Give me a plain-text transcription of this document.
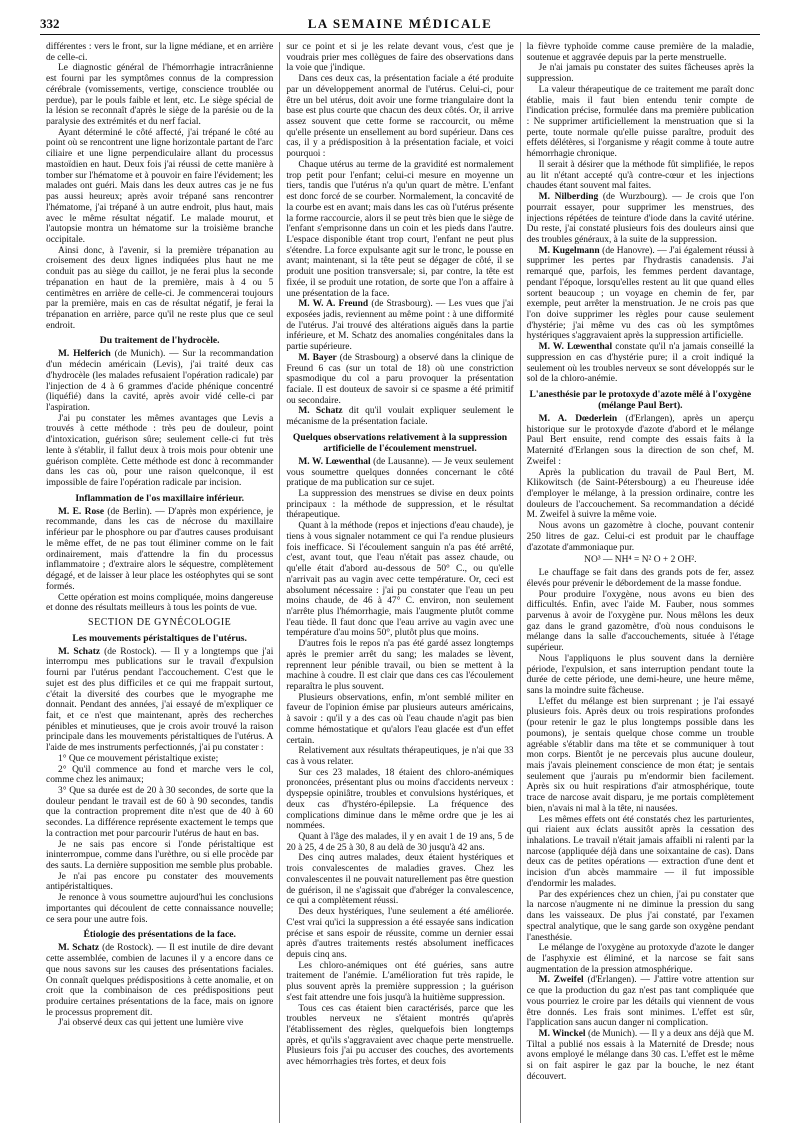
332	LA SEMAINE MÉDICALE

différentes : vers le front, sur la ligne médiane, et en arrière de celle-ci.

Le diagnostic général de l'hémorrhagie intracrânienne est fourni par les symptômes connus de la compression cérébrale (vomissements, vertige, conscience troublée ou perdue), par le pouls faible et lent, etc. Le siège spécial de la lésion se reconnaît d'après le siège de la parésie ou de la paralysie des extrémités et du nerf facial.

Ayant déterminé le côté affecté, j'ai trépané le côté au point où se rencontrent une ligne horizontale partant de l'arc ciliaire et une ligne perpendiculaire allant du processus mastoïdien en haut. Deux fois j'ai réussi de cette manière à tomber sur l'hématome et à pouvoir en faire l'évidement; les malades ont guéri. Mais dans les deux autres cas je ne fus pas aussi heureux; après avoir trépané sans rencontrer l'hématome, j'ai trépané à un autre endroit, plus haut, mais avec le même résultat négatif. Le malade mourut, et l'autopsie montra un hématome sur la troisième branche occipitale.

Ainsi donc, à l'avenir, si la première trépanation au croisement des deux lignes indiquées plus haut ne me conduit pas au siège du caillot, je ne ferai plus la seconde trépanation en haut de la première, mais à 4 ou 5 centimètres en arrière de celle-ci. Je commencerai toujours par la première, mais en cas de résultat négatif, je ferai la trépanation en arrière, parce qu'il ne reste plus que ce seul endroit.

Du traitement de l'hydrocèle.

M. Helferich (de Munich). — Sur la recommandation d'un médecin américain (Levis), j'ai traité deux cas d'hydrocèle (les malades refusaient l'opération radicale) par l'injection de 4 à 6 grammes d'acide phénique concentré (liquéfié) dans la cavité, après avoir vidé celle-ci par l'aspiration.

J'ai pu constater les mêmes avantages que Levis a trouvés à cette méthode : très peu de douleur, point d'intoxication, guérison sûre; seulement celle-ci fut très lente à s'établir, il fallut deux à trois mois pour obtenir une guérison complète. Cette méthode est donc à recommander dans les cas où, pour une raison quelconque, il est impossible de faire l'opération radicale par incision.

Inflammation de l'os maxillaire inférieur.

M. E. Rose (de Berlin). — D'après mon expérience, je recommande, dans les cas de nécrose du maxillaire inférieur par le phosphore ou par d'autres causes produisant le même effet, de ne pas tout éliminer comme on le fait ordinairement, mais d'attendre la fin du processus inflammatoire ; d'extraire alors le séquestre, complètement dégagé, et de laisser à leur place les ostéophytes qui se sont formés.

Cette opération est moins compliquée, moins dangereuse et donne des résultats meilleurs à tous les points de vue.

SECTION DE GYNÉCOLOGIE
Les mouvements péristaltiques de l'utérus.

M. Schatz (de Rostock). — Il y a longtemps que j'ai interrompu mes publications sur le travail d'expulsion fourni par l'utérus pendant l'accouchement. C'est que le sujet est des plus difficiles et ce qui me frappait surtout, c'était la diversité des courbes que le myographe me donnait. Pendant des années, j'ai essayé de m'expliquer ce fait, et ce n'est que maintenant, après des recherches pénibles et minutieuses, que je crois avoir trouvé la raison principale dans les mouvements péristaltiques de l'utérus. A l'aide de mes instruments perfectionnés, j'ai pu constater :

1° Que ce mouvement péristaltique existe;

2° Qu'il commence au fond et marche vers le col, comme chez les animaux;

3° Que sa durée est de 20 à 30 secondes, de sorte que la douleur pendant le travail est de 60 à 90 secondes, tandis que la contraction proprement dite n'est que de 40 à 60 secondes. La différence représente exactement le temps que la contraction met pour parcourir l'utérus de haut en bas.

Je ne sais pas encore si l'onde péristaltique est ininterrompue, comme dans l'urèthre, ou si elle procède par des sauts. La dernière supposition me semble plus probable.

Je n'ai pas encore pu constater des mouvements antipéristaltiques.

Je renonce à vous soumettre aujourd'hui les conclusions importantes qui découlent de cette connaissance nouvelle; ce sera pour une autre fois.

Étiologie des présentations de la face.

M. Schatz (de Rostock). — Il est inutile de dire devant cette assemblée, combien de lacunes il y a encore dans ce que nous savons sur les causes des présentations faciales. On connaît quelques prédispositions à cette anomalie, et on croit que la combinaison de ces prédispositions peut produire certaines présentations de la face, mais on ignore le processus proprement dit.

J'ai observé deux cas qui jettent une lumière vive

sur ce point et si je les relate devant vous, c'est que je voudrais prier mes collègues de faire des observations dans la voie que j'indique.

Dans ces deux cas, la présentation faciale a été produite par un développement anormal de l'utérus. Celui-ci, pour être un bel utérus, doit avoir une forme triangulaire dont la base est plus courte que chacun des deux côtés. Or, il arrive assez souvent que cette forme se raccourcit, ou même qu'elle présente un ensellement au bord supérieur. Dans ces cas, il y a prédisposition à la présentation faciale, et voici pourquoi :

Chaque utérus au terme de la gravidité est normalement trop petit pour l'enfant; celui-ci mesure en moyenne un tiers, tandis que l'utérus n'a qu'un quart de mètre. L'enfant est donc forcé de se courber. Normalement, la concavité de la courbe est en avant; mais dans les cas où l'utérus présente la forme raccourcie, alors il se peut très bien que le siège de l'enfant s'emprisonne dans un coin et les pieds dans l'autre. L'espace disponible étant trop court, l'enfant ne peut plus s'étendre. La force expulsante agit sur le tronc, le pousse en avant; maintenant, si la tête peut se dégager de côté, il se produit une position transversale; si, par contre, la tête est fixée, il se produit une rotation, de sorte que l'on a affaire à une présentation de la face.

M. W. A. Freund (de Strasbourg). — Les vues que j'ai exposées jadis, reviennent au même point : à une difformité de l'utérus. J'ai trouvé des altérations aiguës dans la partie inférieure, et M. Schatz des anomalies congénitales dans la partie supérieure.

M. Bayer (de Strasbourg) a observé dans la clinique de Freund 6 cas (sur un total de 18) où une constriction spasmodique du col a paru provoquer la présentation faciale. Il est douteux de savoir si ce spasme a été primitif ou secondaire.

M. Schatz dit qu'il voulait expliquer seulement le mécanisme de la présentation faciale.

Quelques observations relativement à la suppression artificielle de l'écoulement menstruel.

M. W. Lœwenthal (de Lausanne). — Je veux seulement vous soumettre quelques données concernant le côté pratique de ma publication sur ce sujet.

La suppression des menstrues se divise en deux points principaux : la méthode de suppression, et le résultat thérapeutique.

Quant à la méthode (repos et injections d'eau chaude), je tiens à vous signaler notamment ce qui l'a rendue plusieurs fois inefficace. Si l'écoulement sanguin n'a pas été arrêté, c'est, avant tout, que l'eau n'était pas assez chaude, ou qu'elle était d'abord au-dessous de 50° C., ou qu'elle n'arrivait pas au vagin avec cette température. Or, ceci est absolument nécessaire : j'ai pu constater que l'eau un peu moins chaude, de 46 à 47° C. environ, non seulement n'arrête plus l'hémorrhagie, mais l'augmente plutôt comme l'eau tiède. Il faut donc que l'eau arrive au vagin avec une température d'au moins 50°, plutôt plus que moins.

D'autres fois le repos n'a pas été gardé assez longtemps après le premier arrêt du sang; les malades se lèvent, reprennent leur pénible travail, ou bien se mettent à la machine à coudre. Il est clair que dans ces cas l'écoulement reparaîtra le plus souvent.

Plusieurs observations, enfin, m'ont semblé militer en faveur de l'opinion émise par plusieurs auteurs américains, à savoir : qu'il y a des cas où l'eau chaude n'agit pas bien comme hémostatique et qu'alors l'eau glacée est d'un effet certain.

Relativement aux résultats thérapeutiques, je n'ai que 33 cas à vous relater.

Sur ces 23 malades, 18 étaient des chloro-anémiques prononcées, présentant plus ou moins d'accidents nerveux : dyspepsie opiniâtre, troubles et convulsions hystériques, et deux cas d'hystéro-épilepsie. La fréquence des complications diminue dans le même ordre que je les ai nommées.

Quant à l'âge des malades, il y en avait 1 de 19 ans, 5 de 20 à 25, 4 de 25 à 30, 8 au delà de 30 jusqu'à 42 ans.

Des cinq autres malades, deux étaient hystériques et trois convalescentes de maladies graves. Chez les convalescentes il ne pouvait naturellement pas être question de guérison, il ne s'agissait que d'abréger la convalescence, ce qui a complètement réussi.

Des deux hystériques, l'une seulement a été améliorée. C'est vrai qu'ici la suppression a été essayée sans indication précise et sans espoir de réussite, comme un dernier essai après d'autres traitements restés absolument inefficaces depuis cinq ans.

Les chloro-anémiques ont été guéries, sans autre traitement de l'anémie. L'amélioration fut très rapide, le plus souvent après la première suppression ; la guérison s'est fait attendre une fois jusqu'à la huitième suppression.

Tous ces cas étaient bien caractérisés, parce que les troubles nerveux ne s'étaient montrés qu'après l'établissement des règles, quelquefois bien longtemps après, et qu'ils s'aggravaient avec chaque perte menstruelle. Plusieurs fois j'ai pu accuser des couches, des avortements avec hémorrhagies très fortes, et deux fois

la fièvre typhoïde comme cause première de la maladie, soutenue et aggravée depuis par la perte menstruelle.

Je n'ai jamais pu constater des suites fâcheuses après la suppression.

La valeur thérapeutique de ce traitement me paraît donc établie, mais il faut bien entendu tenir compte de l'indication précise, formulée dans ma première publication : Ne supprimer artificiellement la menstruation que si la perte, toute normale qu'elle puisse paraître, produit des effets délétères, si l'organisme y réagit comme à toute autre hémorrhagie chronique.

Il serait à désirer que la méthode fût simplifiée, le repos au lit n'étant accepté qu'à contre-cœur et les injections chaudes étant souvent mal faites.

M. Nilberding (de Wurzbourg). — Je crois que l'on pourrait essayer, pour supprimer les menstrues, des injections répétées de teinture d'iode dans la cavité utérine. Du reste, j'ai constaté plusieurs fois des douleurs ainsi que des troubles généraux, à la suite de la suppression.

M. Kugelmann (de Hanovre). — J'ai également réussi à supprimer les pertes par l'hydrastis canadensis. J'ai remarqué que, parfois, les femmes perdent davantage, pendant l'époque, lorsqu'elles restent au lit que quand elles sortent beaucoup ; un voyage en chemin de fer, par exemple, peut arrêter la menstruation. Je ne crois pas que l'on doive supprimer les règles pour cause seulement d'hystérie; j'ai même vu des cas où les symptômes hystériques s'aggravaient après la suppression artificielle.

M. W. Lœwenthal constate qu'il n'a jamais conseillé la suppression en cas d'hystérie pure; il a croit indiqué la seulement où les troubles nerveux se sont développés sur le sol de la chloro-anémie.

L'anesthésie par le protoxyde d'azote mêlé à l'oxygène (mélange Paul Bert).

M. A. Dœderlein (d'Erlangen), après un aperçu historique sur le protoxyde d'azote d'abord et le mélange Paul Bert ensuite, rend compte des essais faits à la Maternité d'Erlangen sous la direction de son chef, M. Zweifel :

Après la publication du travail de Paul Bert, M. Klikowitsch (de Saint-Pétersbourg) a eu l'heureuse idée d'employer le mélange, à la pression ordinaire, contre les douleurs de l'accouchement. Sa recommandation a décidé M. Zweifel à suivre la même voie.

Nous avons un gazomètre à cloche, pouvant contenir 250 litres de gaz. Celui-ci est produit par le chauffage d'azotate d'ammoniaque pur.

NO³ — NH⁴ = N² O + 2 OH².

Le chauffage se fait dans des grands pots de fer, assez élevés pour prévenir le débordement de la masse fondue.

Pour produire l'oxygène, nous avons eu bien des difficultés. Enfin, avec l'aide M. Fauber, nous sommes parvenus à avoir de l'oxygène pur. Nous mêlons les deux gaz dans le grand gazomètre, d'où nous conduisons le mélange dans la salle d'accouchements, située à l'étage supérieur.

Nous l'appliquons le plus souvent dans la dernière période, l'expulsion, et sans interruption pendant toute la durée de cette période, une demi-heure, une heure même, sans la moindre suite fâcheuse.

L'effet du mélange est bien surprenant ; je l'ai essayé plusieurs fois. Après deux ou trois respirations profondes (pour retenir le gaz le plus longtemps possible dans les poumons), je sentais quelque chose comme un trouble agréable s'établir dans ma tête et se communiquer à tout mon corps. Bientôt je ne percevais plus aucune douleur, mais j'avais pleinement conscience de mon état; je sentais seulement que j'aurais pu m'endormir bien facilement. Après six ou huit respirations d'air atmosphérique, toute trace de narcose avait disparu, je me portais complètement bien, n'avais ni mal à la tête, ni nausées.

Les mêmes effets ont été constatés chez les parturientes, qui riaient aux éclats aussitôt après la cessation des inhalations. Le travail n'était jamais affaibli ni ralenti par la narcose (appliquée déjà dans une soixantaine de cas). Dans deux cas de petites opérations — extraction d'une dent et incision d'un abcès mammaire — il fut impossible d'endormir les malades.

Par des expériences chez un chien, j'ai pu constater que la narcose n'augmente ni ne diminue la pression du sang dans les vaisseaux. De plus j'ai constaté, par l'examen spectral analytique, que le sang garde son oxygène pendant l'anesthésie.

Le mélange de l'oxygène au protoxyde d'azote le danger de l'asphyxie est éliminé, et la narcose se fait sans augmentation de la pression atmosphérique.

M. Zweifel (d'Erlangen). — J'attire votre attention sur ce que la production du gaz n'est pas tant compliquée que vous pourriez le croire par les détails qui viennent de vous être donnés. Les frais sont minimes. L'effet est sûr, l'application sans aucun danger ni complication.

M. Winckel (de Munich). — Il y a deux ans déjà que M. Tiltal a publié nos essais à la Maternité de Dresde; nous avons employé le mélange dans 30 cas. L'effet est le même si on fait aspirer le gaz par la bouche, le nez étant découvert.
